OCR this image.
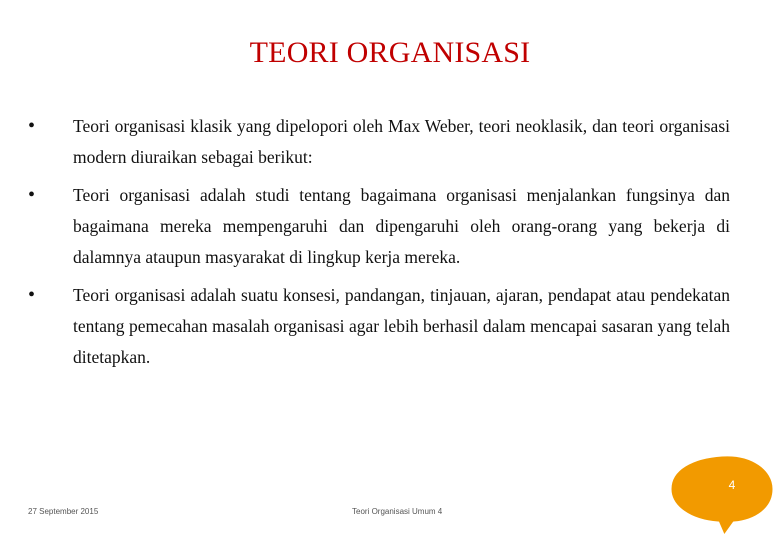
TEORI ORGANISASI
•	Teori organisasi klasik yang dipelopori oleh Max Weber, teori neoklasik, dan teori organisasi modern diuraikan sebagai berikut:
•	Teori organisasi adalah studi tentang bagaimana organisasi menjalankan fungsinya dan bagaimana mereka mempengaruhi dan dipengaruhi oleh orang-orang yang bekerja di dalamnya ataupun masyarakat di lingkup kerja mereka.
•	Teori organisasi adalah suatu konsesi, pandangan, tinjauan, ajaran, pendapat atau pendekatan tentang pemecahan masalah organisasi agar lebih berhasil dalam mencapai sasaran yang telah ditetapkan.
27 September 2015	Teori Organisasi Umum 4
4
